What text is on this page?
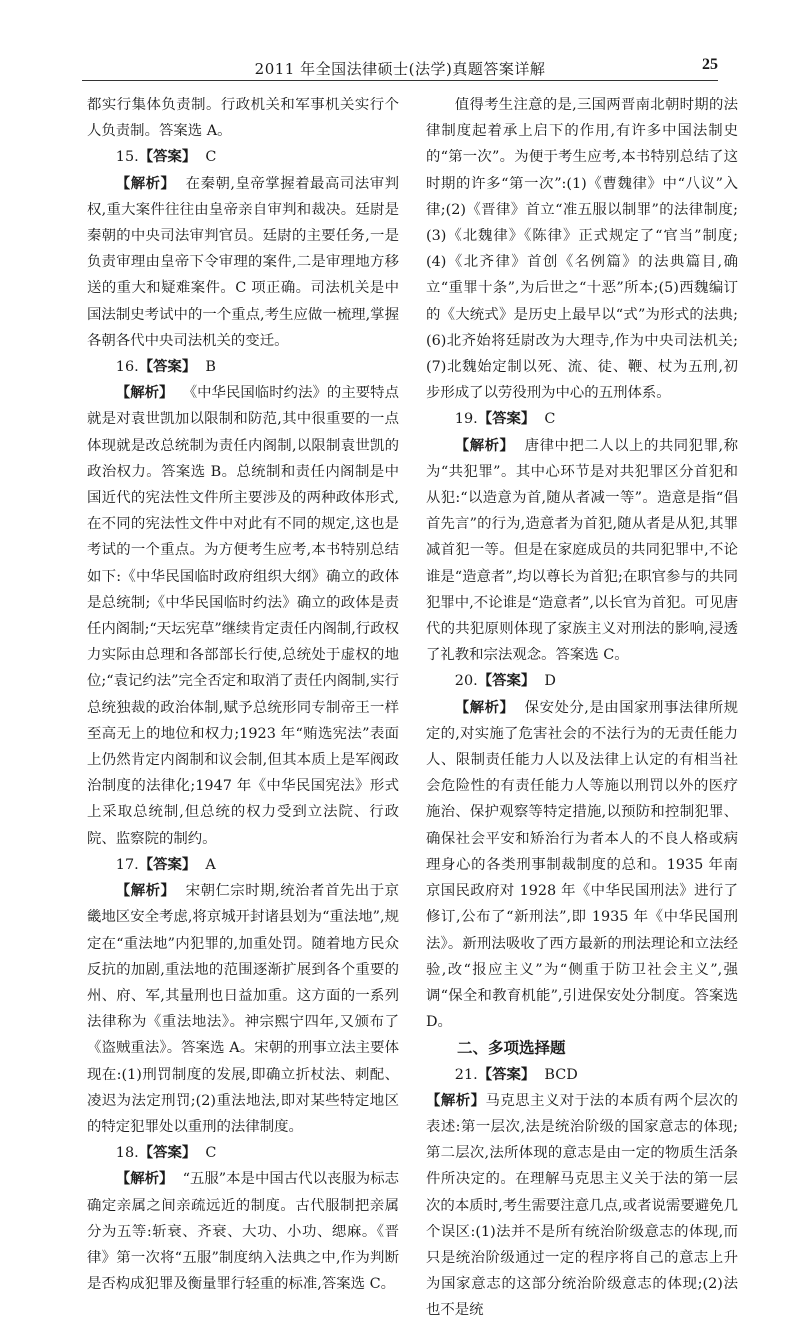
2011 年全国法律硕士(法学)真题答案详解	25

都实行集体负责制。行政机关和军事机关实行个人负责制。答案选 A。

15.【答案】 C

【解析】 在秦朝,皇帝掌握着最高司法审判权,重大案件往往由皇帝亲自审判和裁决。廷尉是秦朝的中央司法审判官员。廷尉的主要任务,一是负责审理由皇帝下令审理的案件,二是审理地方移送的重大和疑难案件。C 项正确。司法机关是中国法制史考试中的一个重点,考生应做一梳理,掌握各朝各代中央司法机关的变迁。

16.【答案】 B

【解析】 《中华民国临时约法》的主要特点就是对袁世凯加以限制和防范,其中很重要的一点体现就是改总统制为责任内阁制,以限制袁世凯的政治权力。答案选 B。总统制和责任内阁制是中国近代的宪法性文件所主要涉及的两种政体形式,在不同的宪法性文件中对此有不同的规定,这也是考试的一个重点。为方便考生应考,本书特别总结如下:《中华民国临时政府组织大纲》确立的政体是总统制;《中华民国临时约法》确立的政体是责任内阁制;“天坛宪草”继续肯定责任内阁制,行政权力实际由总理和各部部长行使,总统处于虚权的地位;“袁记约法”完全否定和取消了责任内阁制,实行总统独裁的政治体制,赋予总统形同专制帝王一样至高无上的地位和权力;1923 年“贿选宪法”表面上仍然肯定内阁制和议会制,但其本质上是军阀政治制度的法律化;1947 年《中华民国宪法》形式上采取总统制,但总统的权力受到立法院、行政院、监察院的制约。

17.【答案】 A

【解析】 宋朝仁宗时期,统治者首先出于京畿地区安全考虑,将京城开封诸县划为“重法地”,规定在“重法地”内犯罪的,加重处罚。随着地方民众反抗的加剧,重法地的范围逐渐扩展到各个重要的州、府、军,其量刑也日益加重。这方面的一系列法律称为《重法地法》。神宗熙宁四年,又颁布了《盗贼重法》。答案选 A。宋朝的刑事立法主要体现在:(1)刑罚制度的发展,即确立折杖法、刺配、凌迟为法定刑罚;(2)重法地法,即对某些特定地区的特定犯罪处以重刑的法律制度。

18.【答案】 C

【解析】 “五服”本是中国古代以丧服为标志确定亲属之间亲疏远近的制度。古代服制把亲属分为五等:斩衰、齐衰、大功、小功、缌麻。《晋律》第一次将“五服”制度纳入法典之中,作为判断是否构成犯罪及衡量罪行轻重的标准,答案选 C。

值得考生注意的是,三国两晋南北朝时期的法律制度起着承上启下的作用,有许多中国法制史的“第一次”。为便于考生应考,本书特别总结了这时期的许多“第一次”:(1)《曹魏律》中“八议”入律;(2)《晋律》首立“准五服以制罪”的法律制度;(3)《北魏律》《陈律》正式规定了“官当”制度;(4)《北齐律》首创《名例篇》的法典篇目,确立“重罪十条”,为后世之“十恶”所本;(5)西魏编订的《大统式》是历史上最早以“式”为形式的法典;(6)北齐始将廷尉改为大理寺,作为中央司法机关;(7)北魏始定制以死、流、徒、鞭、杖为五刑,初步形成了以劳役刑为中心的五刑体系。

19.【答案】 C

【解析】 唐律中把二人以上的共同犯罪,称为“共犯罪”。其中心环节是对共犯罪区分首犯和从犯:“以造意为首,随从者减一等”。造意是指“倡首先言”的行为,造意者为首犯,随从者是从犯,其罪减首犯一等。但是在家庭成员的共同犯罪中,不论谁是“造意者”,均以尊长为首犯;在职官参与的共同犯罪中,不论谁是“造意者”,以长官为首犯。可见唐代的共犯原则体现了家族主义对刑法的影响,浸透了礼教和宗法观念。答案选 C。

20.【答案】 D

【解析】 保安处分,是由国家刑事法律所规定的,对实施了危害社会的不法行为的无责任能力人、限制责任能力人以及法律上认定的有相当社会危险性的有责任能力人等施以刑罚以外的医疗施治、保护观察等特定措施,以预防和控制犯罪、确保社会平安和矫治行为者本人的不良人格或病理身心的各类刑事制裁制度的总和。1935 年南京国民政府对 1928 年《中华民国刑法》进行了修订,公布了“新刑法”,即 1935 年《中华民国刑法》。新刑法吸收了西方最新的刑法理论和立法经验,改“报应主义”为“侧重于防卫社会主义”,强调“保全和教育机能”,引进保安处分制度。答案选 D。

二、多项选择题

21.【答案】 BCD

【解析】马克思主义对于法的本质有两个层次的表述:第一层次,法是统治阶级的国家意志的体现;第二层次,法所体现的意志是由一定的物质生活条件所决定的。在理解马克思主义关于法的第一层次的本质时,考生需要注意几点,或者说需要避免几个误区:(1)法并不是所有统治阶级意志的体现,而只是统治阶级通过一定的程序将自己的意志上升为国家意志的这部分统治阶级意志的体现;(2)法也不是统
